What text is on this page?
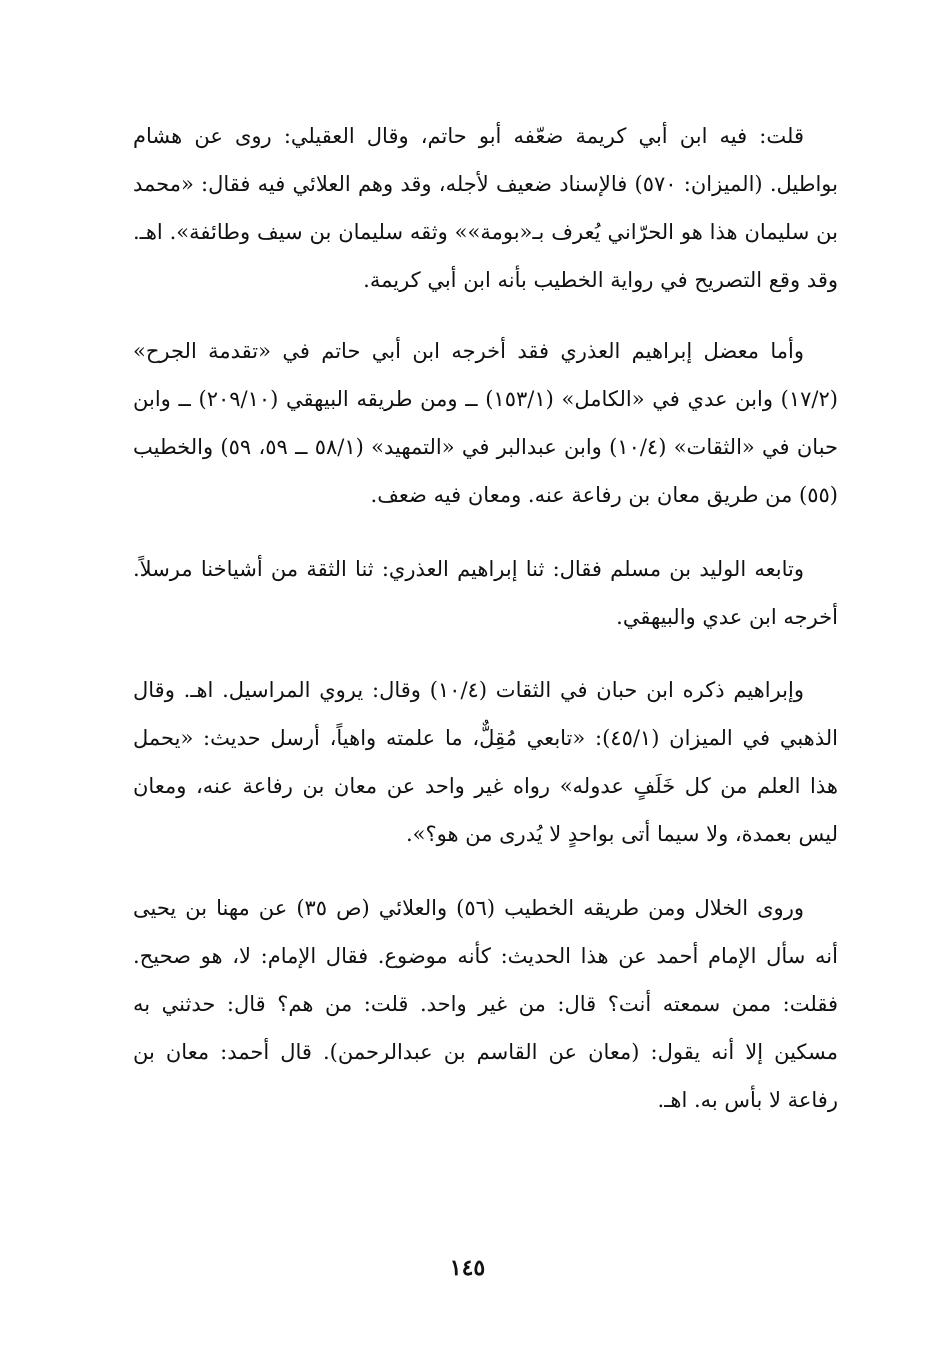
قلت: فيه ابن أبي كريمة ضعّفه أبو حاتم، وقال العقيلي: روى عن هشام بواطيل. (الميزان: ٥٧٠) فالإسناد ضعيف لأجله، وقد وهم العلائي فيه فقال: «محمد بن سليمان هذا هو الحرّاني يُعرف بـ«بومة»» وثقه سليمان بن سيف وطائفة». اهـ. وقد وقع التصريح في رواية الخطيب بأنه ابن أبي كريمة.

وأما معضل إبراهيم العذري فقد أخرجه ابن أبي حاتم في «تقدمة الجرح» (١٧/٢) وابن عدي في «الكامل» (١٥٣/١) ــ ومن طريقه البيهقي (٢٠٩/١٠) ــ وابن حبان في «الثقات» (١٠/٤) وابن عبدالبر في «التمهيد» (٥٨/١ ــ ٥٩، ٥٩) والخطيب (٥٥) من طريق معان بن رفاعة عنه. ومعان فيه ضعف.

وتابعه الوليد بن مسلم فقال: ثنا إبراهيم العذري: ثنا الثقة من أشياخنا مرسلاً. أخرجه ابن عدي والبيهقي.

وإبراهيم ذكره ابن حبان في الثقات (١٠/٤) وقال: يروي المراسيل. اهـ. وقال الذهبي في الميزان (٤٥/١): «تابعي مُقِلٌّ، ما علمته واهياً، أرسل حديث: «يحمل هذا العلم من كل خَلَفٍ عدوله» رواه غير واحد عن معان بن رفاعة عنه، ومعان ليس بعمدة، ولا سيما أتى بواحدٍ لا يُدرى من هو؟».

وروى الخلال ومن طريقه الخطيب (٥٦) والعلائي (ص ٣٥) عن مهنا بن يحيى أنه سأل الإمام أحمد عن هذا الحديث: كأنه موضوع. فقال الإمام: لا، هو صحيح. فقلت: ممن سمعته أنت؟ قال: من غير واحد. قلت: من هم؟ قال: حدثني به مسكين إلا أنه يقول: (معان عن القاسم بن عبدالرحمن). قال أحمد: معان بن رفاعة لا بأس به. اهـ.

١٤٥
